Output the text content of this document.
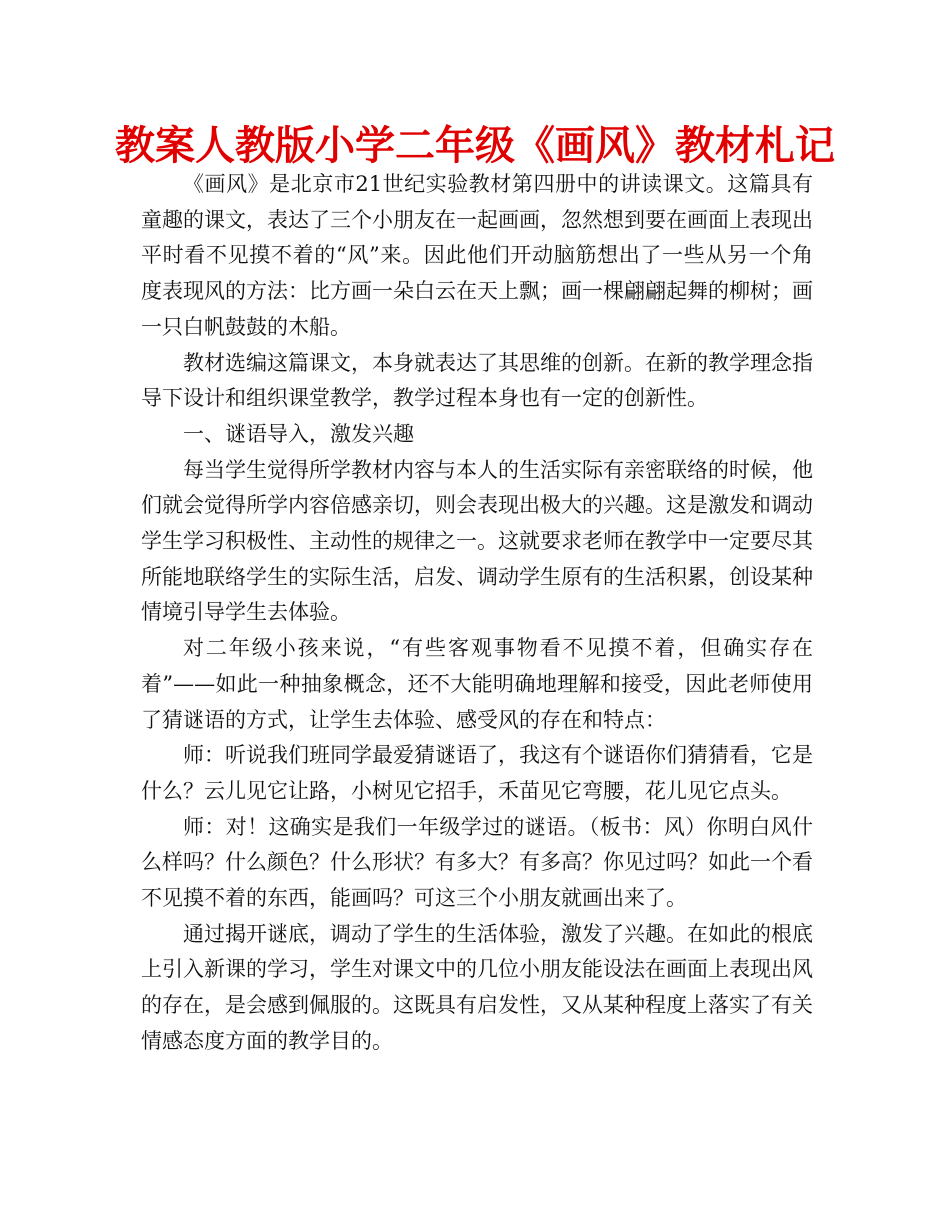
教案人教版小学二年级《画风》教材札记

《画风》是北京市21世纪实验教材第四册中的讲读课文。这篇具有童趣的课文，表达了三个小朋友在一起画画，忽然想到要在画面上表现出平时看不见摸不着的“风”来。因此他们开动脑筋想出了一些从另一个角度表现风的方法：比方画一朵白云在天上飘；画一棵翩翩起舞的柳树；画一只白帆鼓鼓的木船。

教材选编这篇课文，本身就表达了其思维的创新。在新的教学理念指导下设计和组织课堂教学，教学过程本身也有一定的创新性。

一、谜语导入，激发兴趣

每当学生觉得所学教材内容与本人的生活实际有亲密联络的时候，他们就会觉得所学内容倍感亲切，则会表现出极大的兴趣。这是激发和调动学生学习积极性、主动性的规律之一。这就要求老师在教学中一定要尽其所能地联络学生的实际生活，启发、调动学生原有的生活积累，创设某种情境引导学生去体验。

对二年级小孩来说，“有些客观事物看不见摸不着，但确实存在着”——如此一种抽象概念，还不大能明确地理解和接受，因此老师使用了猜谜语的方式，让学生去体验、感受风的存在和特点：

师：听说我们班同学最爱猜谜语了，我这有个谜语你们猜猜看，它是什么？云儿见它让路，小树见它招手，禾苗见它弯腰，花儿见它点头。

师：对！这确实是我们一年级学过的谜语。（板书：风）你明白风什么样吗？什么颜色？什么形状？有多大？有多高？你见过吗？如此一个看不见摸不着的东西，能画吗？可这三个小朋友就画出来了。

通过揭开谜底，调动了学生的生活体验，激发了兴趣。在如此的根底上引入新课的学习，学生对课文中的几位小朋友能设法在画面上表现出风的存在，是会感到佩服的。这既具有启发性，又从某种程度上落实了有关情感态度方面的教学目的。
